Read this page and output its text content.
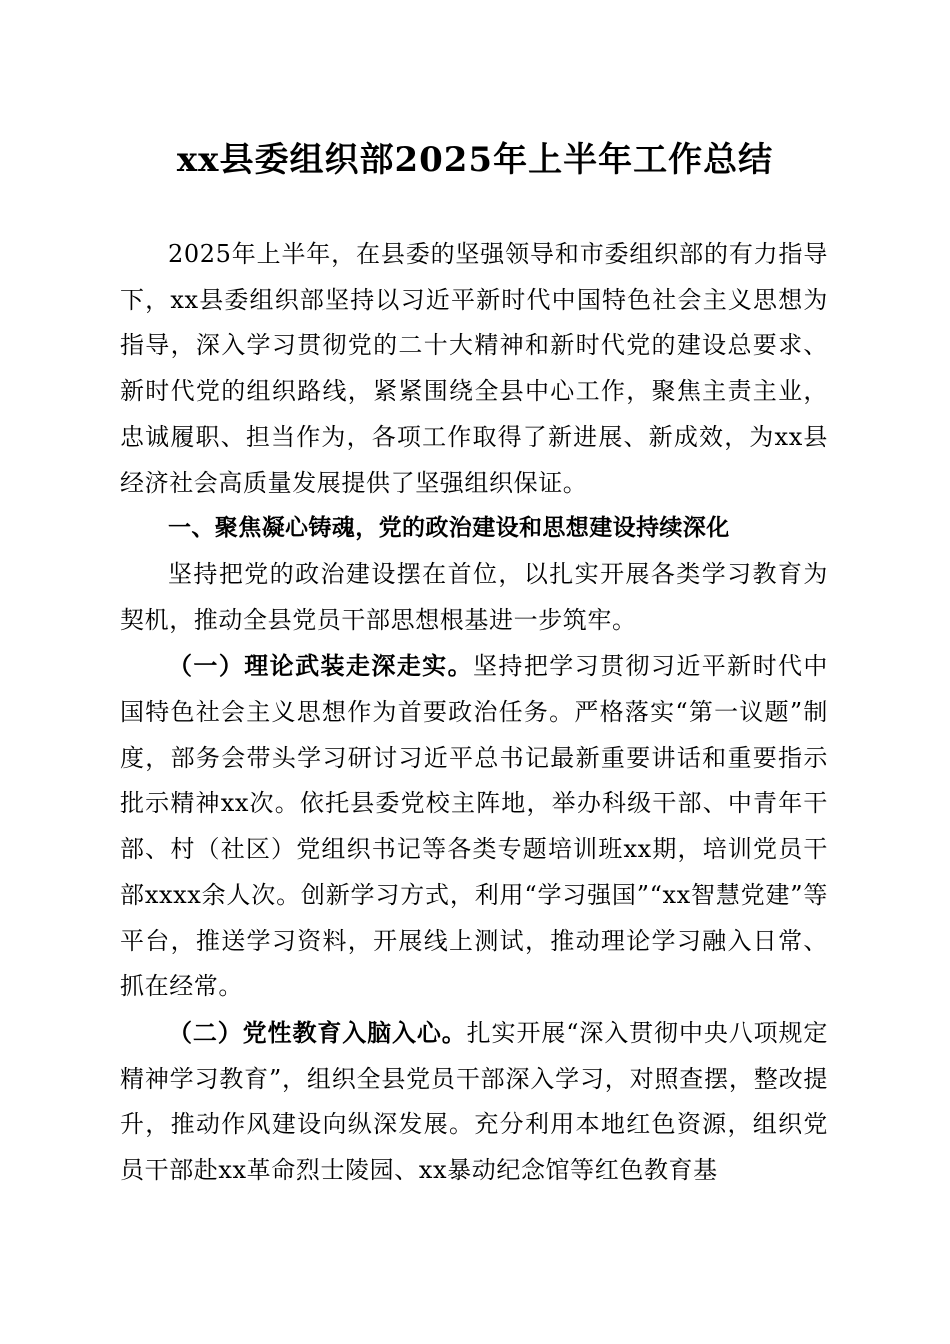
xx县委组织部2025年上半年工作总结

2025年上半年，在县委的坚强领导和市委组织部的有力指导下，xx县委组织部坚持以习近平新时代中国特色社会主义思想为指导，深入学习贯彻党的二十大精神和新时代党的建设总要求、新时代党的组织路线，紧紧围绕全县中心工作，聚焦主责主业，忠诚履职、担当作为，各项工作取得了新进展、新成效，为xx县经济社会高质量发展提供了坚强组织保证。

一、聚焦凝心铸魂，党的政治建设和思想建设持续深化

坚持把党的政治建设摆在首位，以扎实开展各类学习教育为契机，推动全县党员干部思想根基进一步筑牢。

（一）理论武装走深走实。坚持把学习贯彻习近平新时代中国特色社会主义思想作为首要政治任务。严格落实“第一议题”制度，部务会带头学习研讨习近平总书记最新重要讲话和重要指示批示精神xx次。依托县委党校主阵地，举办科级干部、中青年干部、村（社区）党组织书记等各类专题培训班xx期，培训党员干部xxxx余人次。创新学习方式，利用“学习强国”“xx智慧党建”等平台，推送学习资料，开展线上测试，推动理论学习融入日常、抓在经常。

（二）党性教育入脑入心。扎实开展“深入贯彻中央八项规定精神学习教育”，组织全县党员干部深入学习，对照查摆，整改提升，推动作风建设向纵深发展。充分利用本地红色资源，组织党员干部赴xx革命烈士陵园、xx暴动纪念馆等红色教育基
